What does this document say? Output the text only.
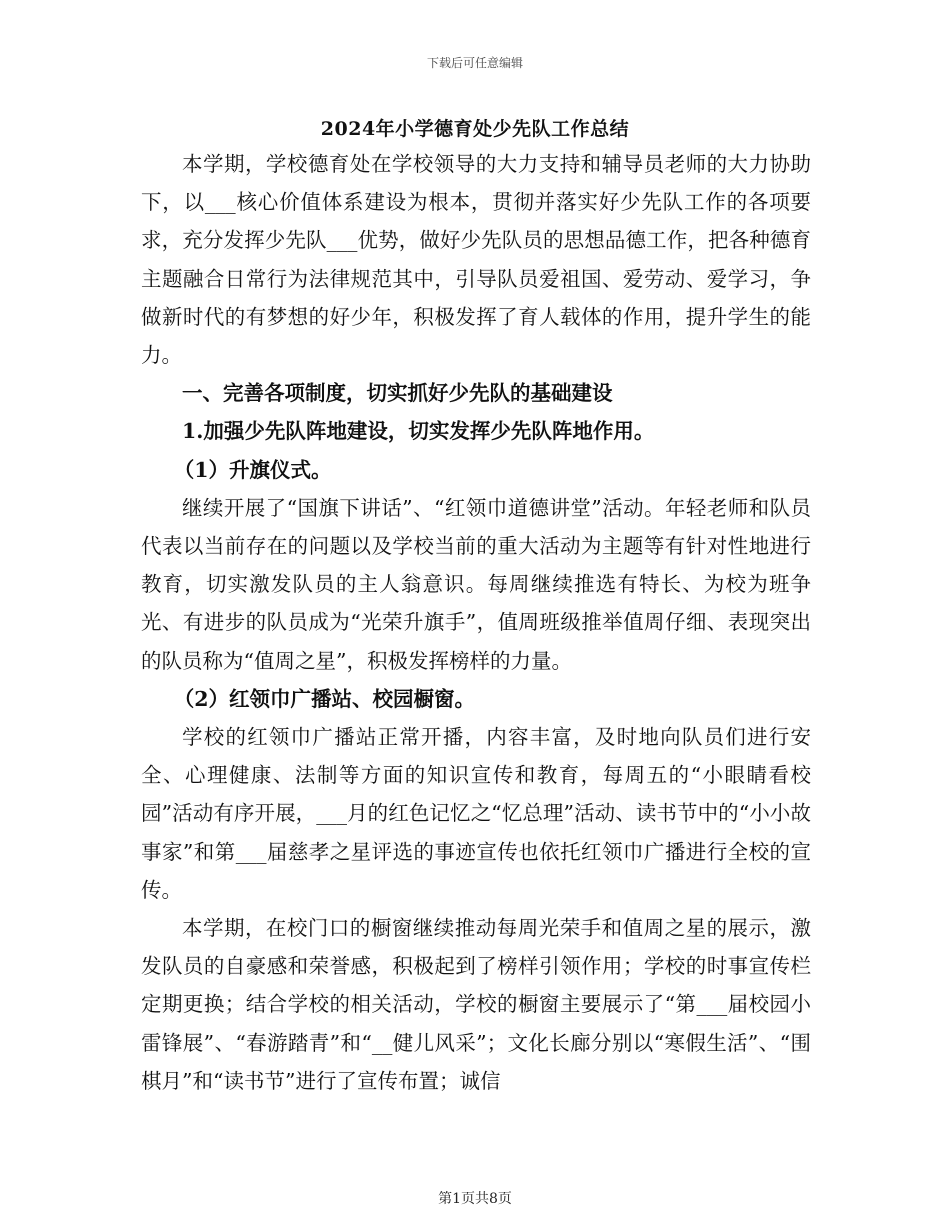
下载后可任意编辑
2024年小学德育处少先队工作总结

本学期，学校德育处在学校领导的大力支持和辅导员老师的大力协助下，以___核心价值体系建设为根本，贯彻并落实好少先队工作的各项要求，充分发挥少先队___优势，做好少先队员的思想品德工作，把各种德育主题融合日常行为法律规范其中，引导队员爱祖国、爱劳动、爱学习，争做新时代的有梦想的好少年，积极发挥了育人载体的作用，提升学生的能力。

一、完善各项制度，切实抓好少先队的基础建设

1.加强少先队阵地建设，切实发挥少先队阵地作用。

（1）升旗仪式。

继续开展了“国旗下讲话”、“红领巾道德讲堂”活动。年轻老师和队员代表以当前存在的问题以及学校当前的重大活动为主题等有针对性地进行教育，切实激发队员的主人翁意识。每周继续推选有特长、为校为班争光、有进步的队员成为“光荣升旗手”，值周班级推举值周仔细、表现突出的队员称为“值周之星”，积极发挥榜样的力量。

（2）红领巾广播站、校园橱窗。

学校的红领巾广播站正常开播，内容丰富，及时地向队员们进行安全、心理健康、法制等方面的知识宣传和教育，每周五的“小眼睛看校园”活动有序开展，___月的红色记忆之“忆总理”活动、读书节中的“小小故事家”和第___届慈孝之星评选的事迹宣传也依托红领巾广播进行全校的宣传。

本学期，在校门口的橱窗继续推动每周光荣手和值周之星的展示，激发队员的自豪感和荣誉感，积极起到了榜样引领作用；学校的时事宣传栏定期更换；结合学校的相关活动，学校的橱窗主要展示了“第___届校园小雷锋展”、“春游踏青”和“__健儿风采”；文化长廊分别以“寒假生活”、“围棋月”和“读书节”进行了宣传布置；诚信

第1页共8页
